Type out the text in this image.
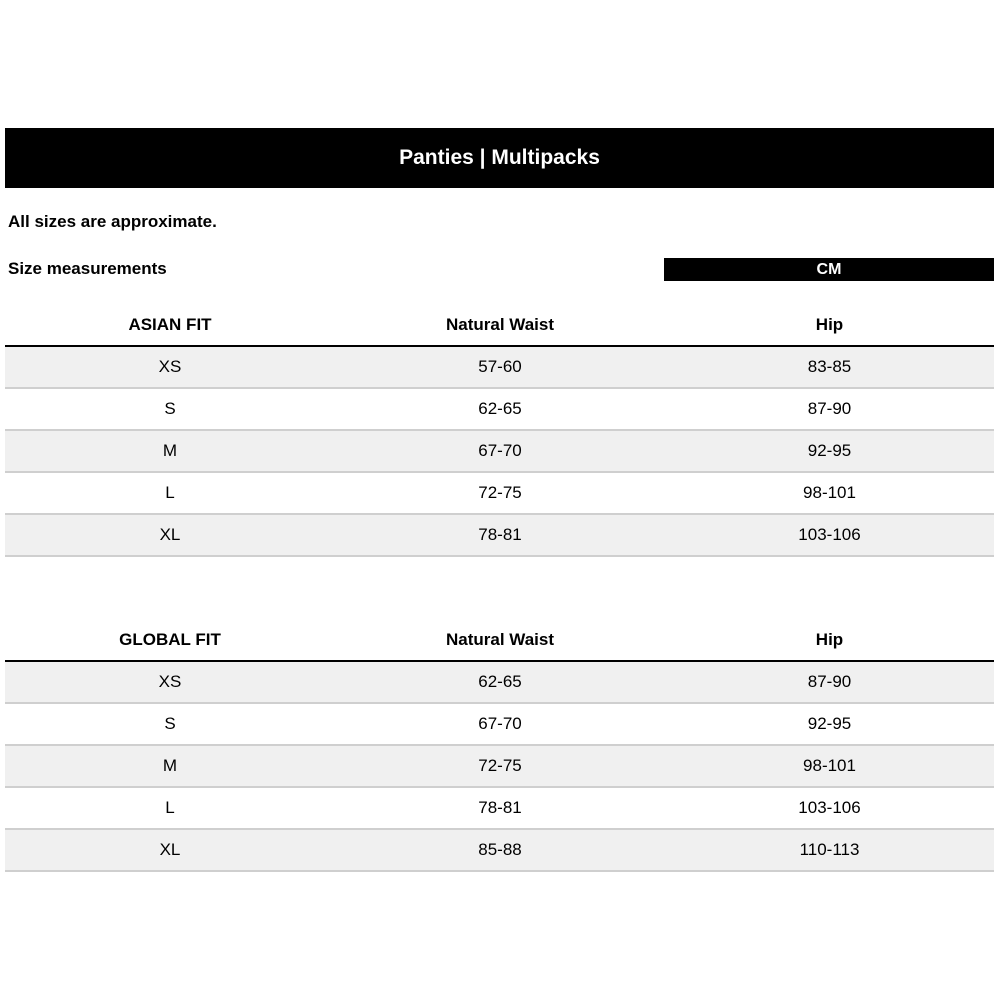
Panties | Multipacks
All sizes are approximate.
Size measurements	CM
ASIAN FIT	Natural Waist	Hip
XS	57-60	83-85
S	62-65	87-90
M	67-70	92-95
L	72-75	98-101
XL	78-81	103-106
GLOBAL FIT	Natural Waist	Hip
XS	62-65	87-90
S	67-70	92-95
M	72-75	98-101
L	78-81	103-106
XL	85-88	110-113
